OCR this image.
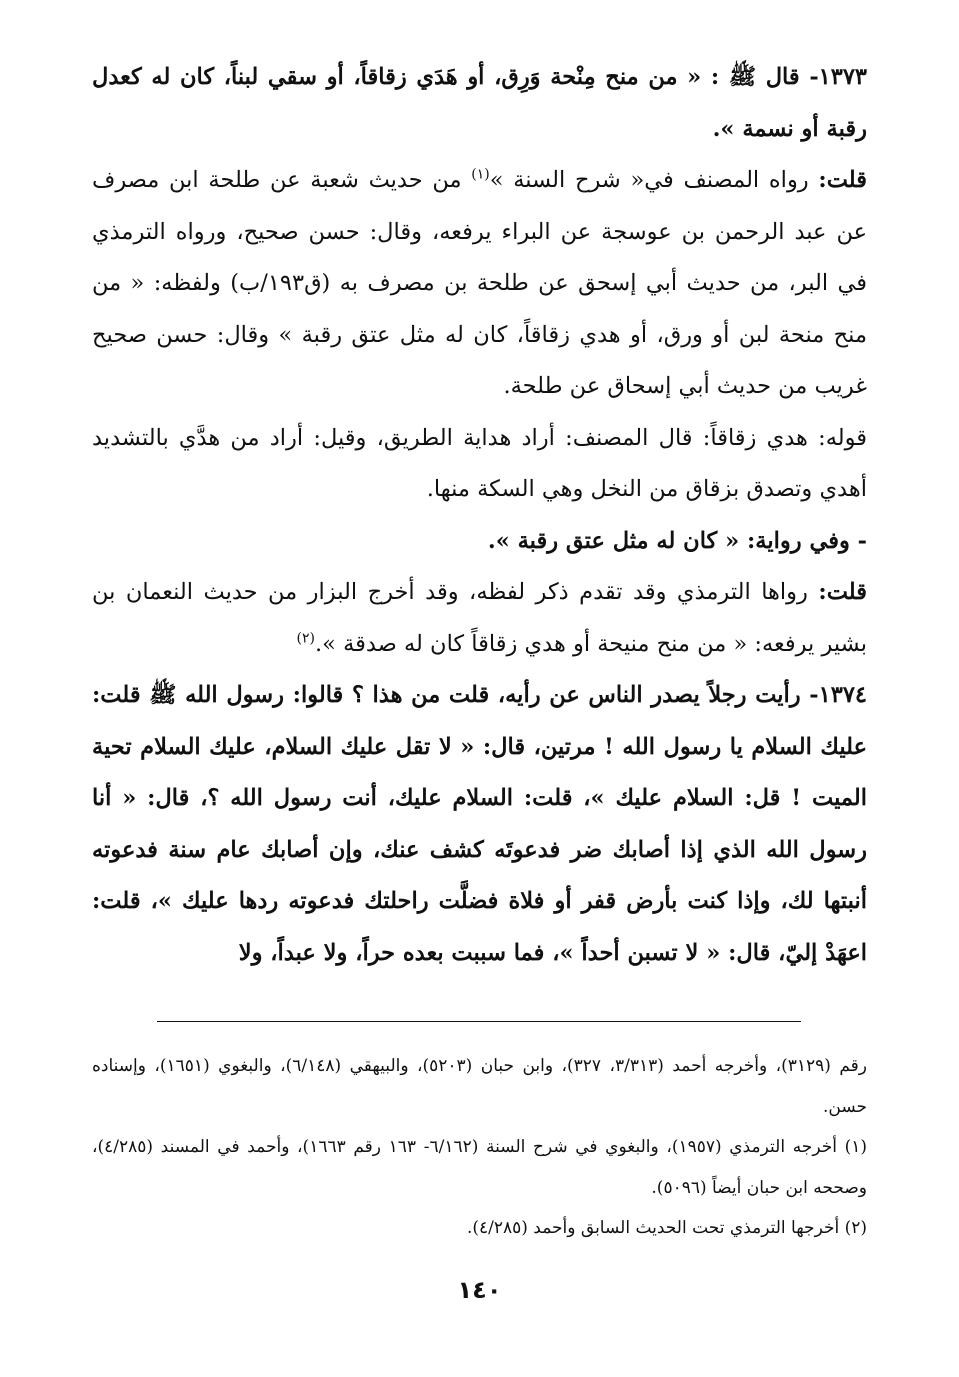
١٣٧٣- قال ﷺ : « من منح مِنْحة وَرِق، أو هَدَي زقاقاً، أو سقي لبناً، كان له كعدل رقبة أو نسمة ».

قلت: رواه المصنف في« شرح السنة »$^{(١)}$ من حديث شعبة عن طلحة ابن مصرف عن عبد الرحمن بن عوسجة عن البراء يرفعه، وقال: حسن صحيح، ورواه الترمذي في البر، من حديث أبي إسحق عن طلحة بن مصرف به (ق١٩٣/ب) ولفظه: « من منح منحة لبن أو ورق، أو هدي زقاقاً، كان له مثل عتق رقبة » وقال: حسن صحيح غريب من حديث أبي إسحاق عن طلحة.

قوله: هدي زقاقاً: قال المصنف: أراد هداية الطريق، وقيل: أراد من هدَّي بالتشديد أهدي وتصدق بزقاق من النخل وهي السكة منها.

- وفي رواية: « كان له مثل عتق رقبة ».

قلت: رواها الترمذي وقد تقدم ذكر لفظه، وقد أخرج البزار من حديث النعمان بن بشير يرفعه: « من منح منيحة أو هدي زقاقاً كان له صدقة ».$^{(٢)}$

١٣٧٤- رأيت رجلاً يصدر الناس عن رأيه، قلت من هذا ؟ قالوا: رسول الله ﷺ قلت: عليك السلام يا رسول الله ! مرتين، قال: « لا تقل عليك السلام، عليك السلام تحية الميت ! قل: السلام عليك »، قلت: السلام عليك، أنت رسول الله ؟، قال: « أنا رسول الله الذي إذا أصابك ضر فدعوتَه كشف عنك، وإن أصابك عام سنة فدعوته أنبتها لك، وإذا كنت بأرض قفر أو فلاة فضلَّت راحلتك فدعوته ردها عليك »، قلت: اعهَدْ إليّ، قال: « لا تسبن أحداً »، فما سببت بعده حراً، ولا عبداً، ولا

رقم (٣١٢٩)، وأخرجه أحمد (٣/٣١٣، ٣٢٧)، وابن حبان (٥٢٠٣)، والبيهقي (٦/١٤٨)، والبغوي (١٦٥١)، وإسناده حسن.

(١) أخرجه الترمذي (١٩٥٧)، والبغوي في شرح السنة (٦/١٦٢- ١٦٣ رقم ١٦٦٣)، وأحمد في المسند (٤/٢٨٥)، وصححه ابن حبان أيضاً (٥٠٩٦).

(٢) أخرجها الترمذي تحت الحديث السابق وأحمد (٤/٢٨٥).

١٤٠
